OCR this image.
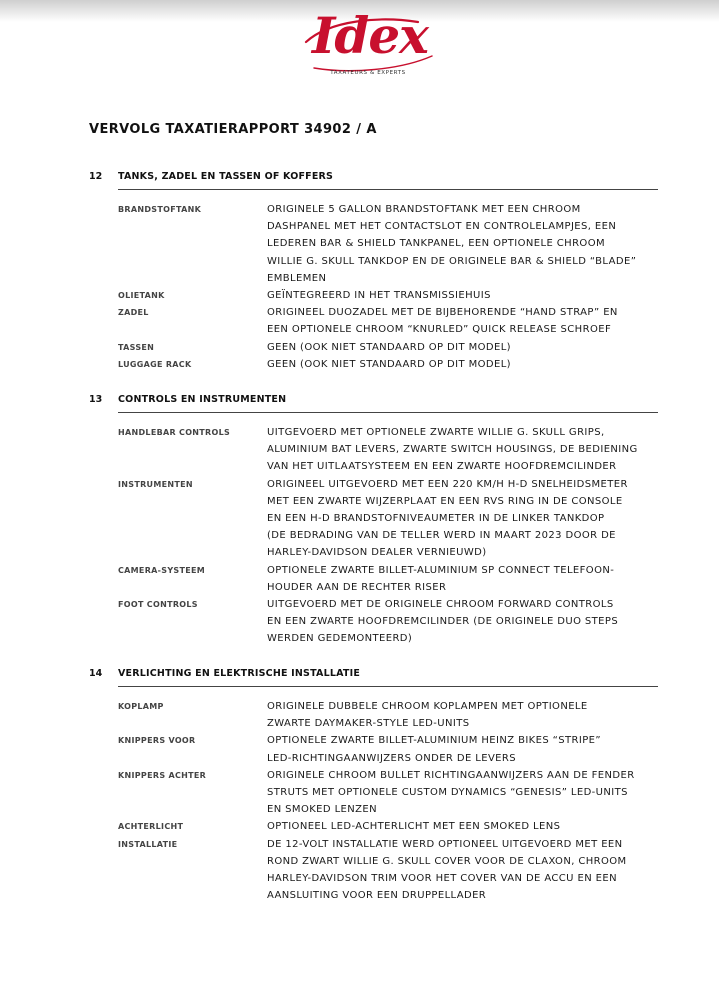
Idex
TAXATEURS & EXPERTS
VERVOLG TAXATIERAPPORT 34902 / A
12 TANKS, ZADEL EN TASSEN OF KOFFERS
BRANDSTOFTANK	ORIGINELE 5 GALLON BRANDSTOFTANK MET EEN CHROOM
DASHPANEL MET HET CONTACTSLOT EN CONTROLELAMPJES, EEN
LEDEREN BAR & SHIELD TANKPANEL, EEN OPTIONELE CHROOM
WILLIE G. SKULL TANKDOP EN DE ORIGINELE BAR & SHIELD “BLADE”
EMBLEMEN
OLIETANK	GEÏNTEGREERD IN HET TRANSMISSIEHUIS
ZADEL	ORIGINEEL DUOZADEL MET DE BIJBEHORENDE “HAND STRAP” EN
EEN OPTIONELE CHROOM “KNURLED” QUICK RELEASE SCHROEF
TASSEN	GEEN (OOK NIET STANDAARD OP DIT MODEL)
LUGGAGE RACK	GEEN (OOK NIET STANDAARD OP DIT MODEL)
13 CONTROLS EN INSTRUMENTEN
HANDLEBAR CONTROLS	UITGEVOERD MET OPTIONELE ZWARTE WILLIE G. SKULL GRIPS,
ALUMINIUM BAT LEVERS, ZWARTE SWITCH HOUSINGS, DE BEDIENING
VAN HET UITLAATSYSTEEM EN EEN ZWARTE HOOFDREMCILINDER
INSTRUMENTEN	ORIGINEEL UITGEVOERD MET EEN 220 KM/H H-D SNELHEIDSMETER
MET EEN ZWARTE WIJZERPLAAT EN EEN RVS RING IN DE CONSOLE
EN EEN H-D BRANDSTOFNIVEAUMETER IN DE LINKER TANKDOP
(DE BEDRADING VAN DE TELLER WERD IN MAART 2023 DOOR DE
HARLEY-DAVIDSON DEALER VERNIEUWD)
CAMERA-SYSTEEM	OPTIONELE ZWARTE BILLET-ALUMINIUM SP CONNECT TELEFOON-
HOUDER AAN DE RECHTER RISER
FOOT CONTROLS	UITGEVOERD MET DE ORIGINELE CHROOM FORWARD CONTROLS
EN EEN ZWARTE HOOFDREMCILINDER (DE ORIGINELE DUO STEPS
WERDEN GEDEMONTEERD)
14 VERLICHTING EN ELEKTRISCHE INSTALLATIE
KOPLAMP	ORIGINELE DUBBELE CHROOM KOPLAMPEN MET OPTIONELE
ZWARTE DAYMAKER-STYLE LED-UNITS
KNIPPERS VOOR	OPTIONELE ZWARTE BILLET-ALUMINIUM HEINZ BIKES “STRIPE”
LED-RICHTINGAANWIJZERS ONDER DE LEVERS
KNIPPERS ACHTER	ORIGINELE CHROOM BULLET RICHTINGAANWIJZERS AAN DE FENDER
STRUTS MET OPTIONELE CUSTOM DYNAMICS “GENESIS” LED-UNITS
EN SMOKED LENZEN
ACHTERLICHT	OPTIONEEL LED-ACHTERLICHT MET EEN SMOKED LENS
INSTALLATIE	DE 12-VOLT INSTALLATIE WERD OPTIONEEL UITGEVOERD MET EEN
ROND ZWART WILLIE G. SKULL COVER VOOR DE CLAXON, CHROOM
HARLEY-DAVIDSON TRIM VOOR HET COVER VAN DE ACCU EN EEN
AANSLUITING VOOR EEN DRUPPELLADER
